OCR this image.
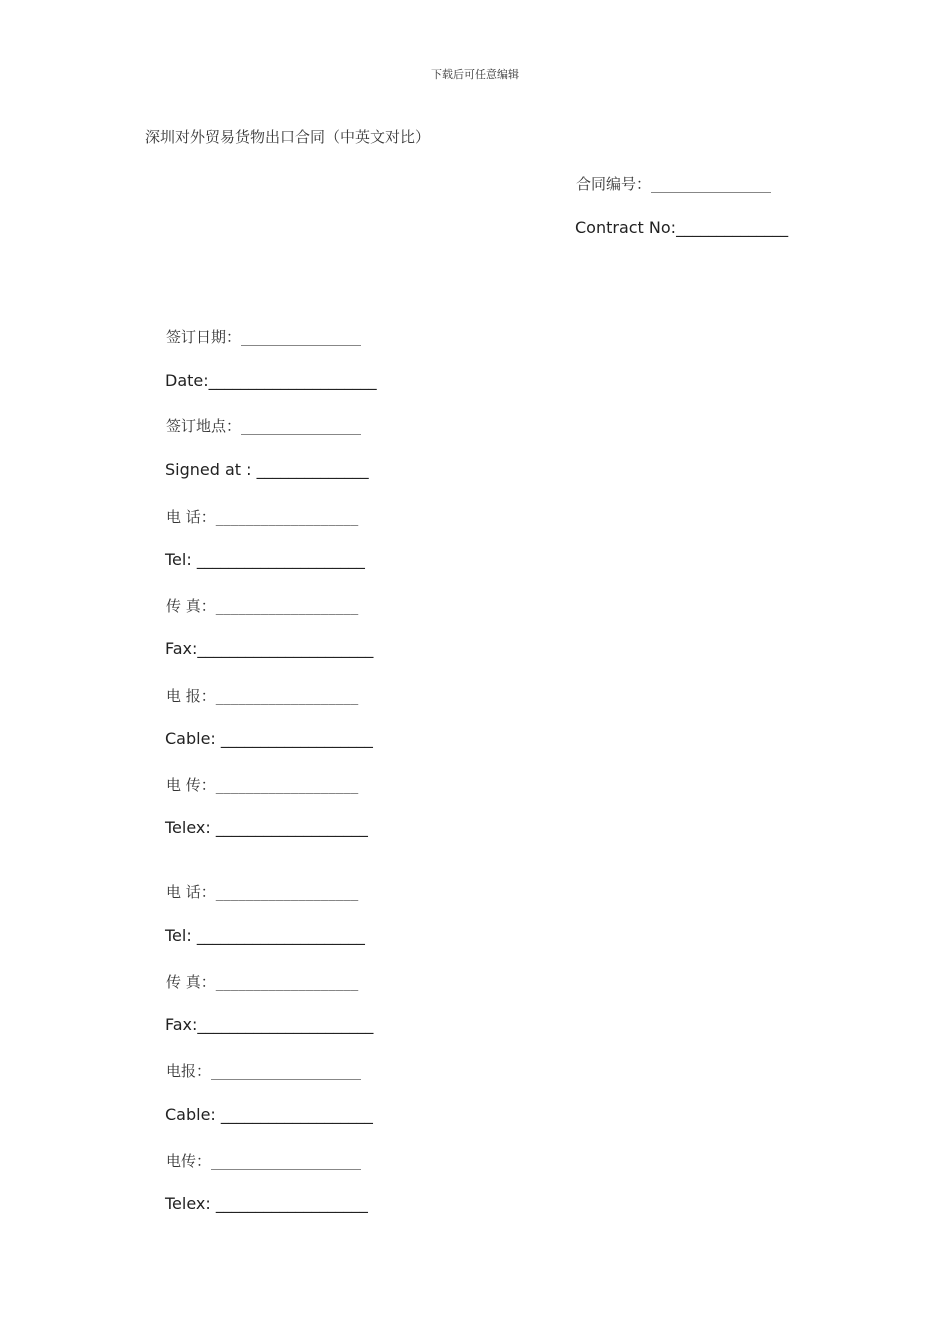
下载后可任意编辑
深圳对外贸易货物出口合同（中英文对比）
合同编号：________________
Contract No:______________
签订日期：________________
Date:_____________________
签订地点：________________
Signed at : ______________
电 话：___________________
Tel: _____________________
传 真：___________________
Fax:______________________
电 报：___________________
Cable: ___________________
电 传：___________________
Telex: ___________________
电 话：___________________
Tel: _____________________
传 真：___________________
Fax:______________________
电报：____________________
Cable: ___________________
电传：____________________
Telex: ___________________
